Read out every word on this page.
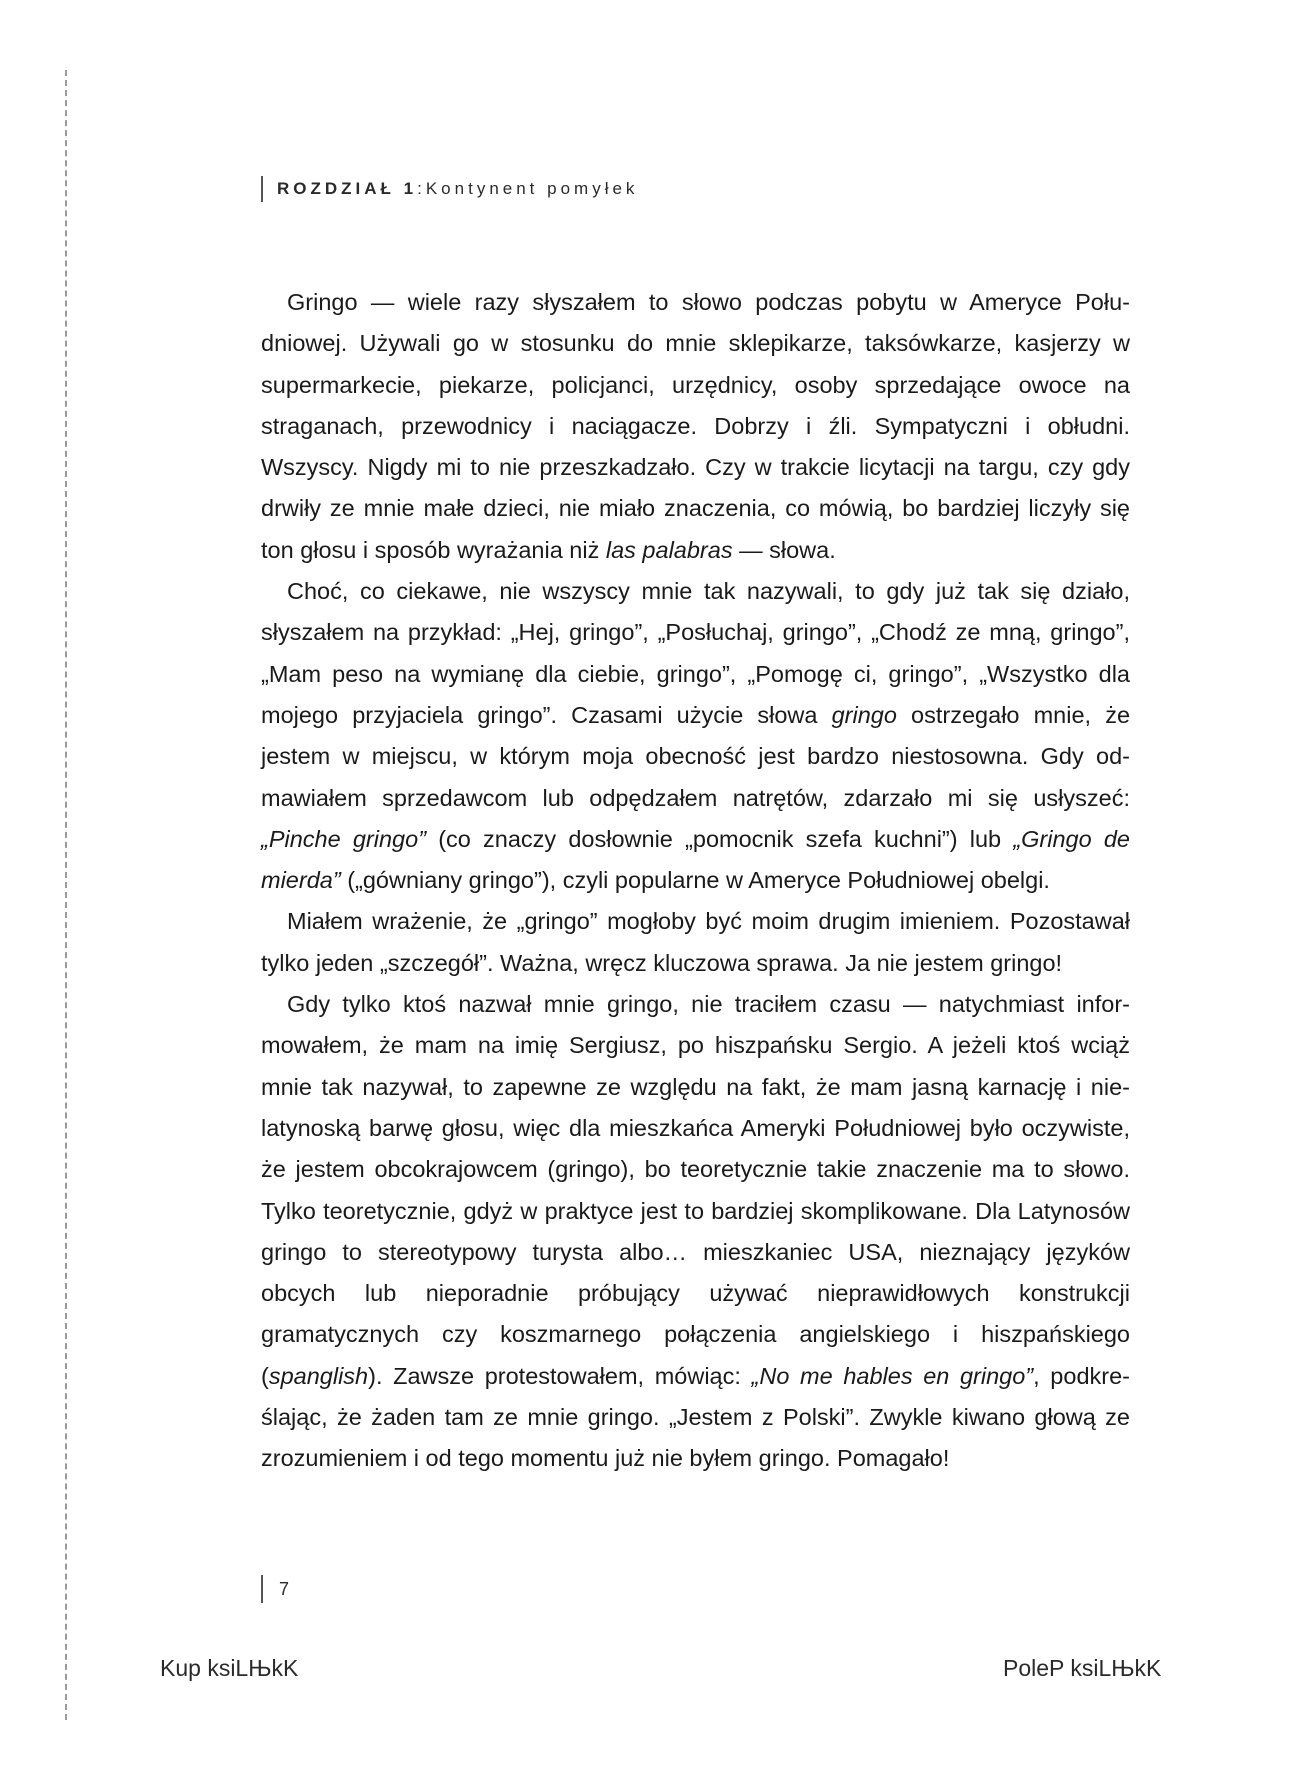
ROZDZIAŁ 1 : Kontynent pomyłek

Gringo — wiele razy słyszałem to słowo podczas pobytu w Ameryce Południowej. Używali go w stosunku do mnie sklepikarze, taksówkarze, kasjerzy w supermarkecie, piekarze, policjanci, urzędnicy, osoby sprzedające owoce na straganach, przewodnicy i naciągacze. Dobrzy i źli. Sympatyczni i obłudni. Wszyscy. Nigdy mi to nie przeszkadzało. Czy w trakcie licytacji na targu, czy gdy drwiły ze mnie małe dzieci, nie miało znaczenia, co mówią, bo bardziej liczyły się ton głosu i sposób wyrażania niż las palabras — słowa.

Choć, co ciekawe, nie wszyscy mnie tak nazywali, to gdy już tak się działo, słyszałem na przykład: „Hej, gringo”, „Posłuchaj, gringo”, „Chodź ze mną, gringo”, „Mam peso na wymianę dla ciebie, gringo”, „Pomogę ci, gringo”, „Wszystko dla mojego przyjaciela gringo”. Czasami użycie słowa gringo ostrzegało mnie, że jestem w miejscu, w którym moja obecność jest bardzo niestosowna. Gdy odmawiałem sprzedawcom lub odpędzałem natrętów, zdarzało mi się usłyszeć: „Pinche gringo” (co znaczy dosłownie „pomocnik szefa kuchni”) lub „Gringo de mierda” („gówniany gringo”), czyli popularne w Ameryce Południowej obelgi.

Miałem wrażenie, że „gringo” mogłoby być moim drugim imieniem. Pozostawał tylko jeden „szczegół”. Ważna, wręcz kluczowa sprawa. Ja nie jestem gringo!

Gdy tylko ktoś nazwał mnie gringo, nie traciłem czasu — natychmiast informowałem, że mam na imię Sergiusz, po hiszpańsku Sergio. A jeżeli ktoś wciąż mnie tak nazywał, to zapewne ze względu na fakt, że mam jasną karnację i nielatynoską barwę głosu, więc dla mieszkańca Ameryki Południowej było oczywiste, że jestem obcokrajowcem (gringo), bo teoretycznie takie znaczenie ma to słowo. Tylko teoretycznie, gdyż w praktyce jest to bardziej skomplikowane. Dla Latynosów gringo to stereotypowy turysta albo… mieszkaniec USA, nieznający języków obcych lub nieporadnie próbujący używać nieprawidłowych konstrukcji gramatycznych czy koszmarnego połączenia angielskiego i hiszpańskiego (spanglish). Zawsze protestowałem, mówiąc: „No me hables en gringo”, podkreślając, że żaden tam ze mnie gringo. „Jestem z Polski”. Zwykle kiwano głową ze zrozumieniem i od tego momentu już nie byłem gringo. Pomagało!

7
Kup ksiLЊkK	PoleP ksiLЊkK
